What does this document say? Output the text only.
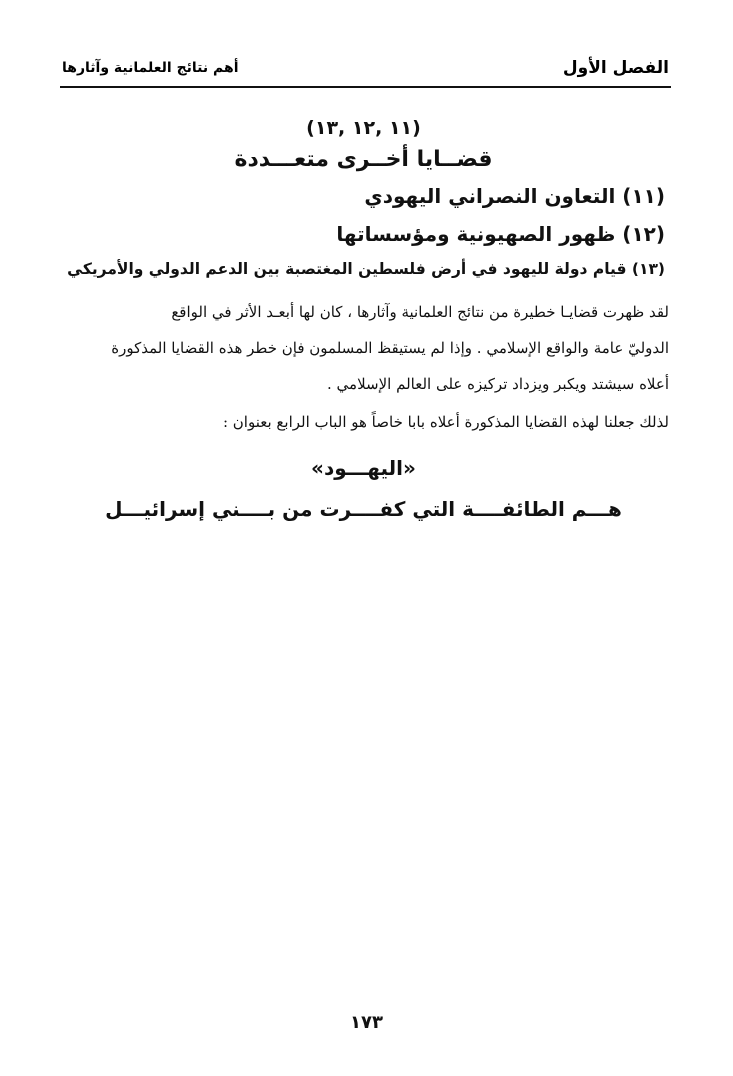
الفصل الأول
أهم نتائج العلمانية وآثارها
(١١ ,١٢ ,١٣)
قضــايا أخــرى متعـــددة
(١١) التعاون النصراني اليهودي
(١٢) ظهور الصهيونية ومؤسساتها
(١٣) قيام دولة لليهود في أرض فلسطين المغتصبة بين الدعم الدولي والأمريكي
لقد ظهرت قضايـا خطيرة من نتائج العلمانية وآثارها ، كان لها أبعـد الأثر في الواقع
الدوليّ عامة والواقع الإسلامي . وإذا لم يستيقظ المسلمون فإن خطر هذه القضايا المذكورة
أعلاه سيشتد ويكبر ويزداد تركيزه على العالم الإسلامي .
لذلك جعلنا لهذه القضايا المذكورة أعلاه بابا خاصاً هو الباب الرابع بعنوان :
«اليهـــود»
هـــم الطائفــــة التي كفــــرت من بــــني إسرائيـــل
١٧٣
